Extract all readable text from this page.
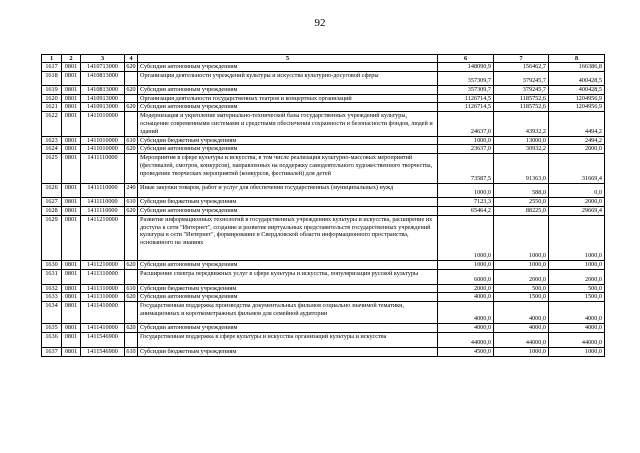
92
1	2	3	4	5	6	7	8
1617	0801	1410713000	620	Субсидии автономным учреждениям	148090,9	156462,7	166386,8
1618	0801	1410813000		Организация деятельности учреждений культуры и искусства культурно-досуговой сферы	357309,7	379245,7	400428,5
1619	0801	1410813000	620	Субсидии автономным учреждениям	357309,7	379245,7	400428,5
1620	0801	1410913000		Организация деятельности государственных театров и концертных организаций	1126714,5	1185752,6	1204956,9
1621	0801	1410913000	620	Субсидии автономным учреждениям	1126714,5	1185752,6	1204956,9
1622	0801	1411010000		Модернизация и укрепление материально-технической базы государственных учреждений культуры, оснащение современными системами и средствами обеспечения сохранности и безопасности фондов, людей и зданий	24637,0	43932,2	4494,2
1623	0801	1411010000	610	Субсидии бюджетным учреждениям	1000,0	13000,0	2494,2
1624	0801	1411010000	620	Субсидии автономным учреждениям	23637,0	30932,2	2000,0
1625	0801	1411110000		Мероприятия в сфере культуры и искусства, в том числе реализация культурно-массовых мероприятий (фестивалей, смотров, конкурсов), направленных на поддержку самодеятельного художественного творчества, проведение творческих мероприятий (конкурсов, фестивалей) для детей	73587,5	91363,0	31669,4
1626	0801	1411110000	240	Иные закупки товаров, работ и услуг для обеспечения государственных (муниципальных) нужд	1000,0	588,0	0,0
1627	0801	1411110000	610	Субсидии бюджетным учреждениям	7123,3	2550,0	2000,0
1628	0801	1411110000	620	Субсидии автономным учреждениям	65464,2	88225,0	29669,4
1629	0801	1411210000		Развитие информационных технологий в государственных учреждениях культуры и искусства, расширение их доступа к сети "Интернет", создание и развитие виртуальных представительств государственных учреждений культуры в сети "Интернет", формирование в Свердловской области информационного пространства, основанного на знаниях	1000,0	1000,0	1000,0
1630	0801	1411210000	620	Субсидии автономным учреждениям	1000,0	1000,0	1000,0
1631	0801	1411310000		Расширение спектра передвижных услуг в сфере культуры и искусства, популяризация русской культуры	6000,0	2000,0	2000,0
1632	0801	1411310000	610	Субсидии бюджетным учреждениям	2000,0	500,0	500,0
1633	0801	1411310000	620	Субсидии автономным учреждениям	4000,0	1500,0	1500,0
1634	0801	1411410000		Государственная поддержка производства документальных фильмов социально значимой тематики, анимационных и короткометражных фильмов для семейной аудитории	4000,0	4000,0	4000,0
1635	0801	1411410000	620	Субсидии автономным учреждениям	4000,0	4000,0	4000,0
1636	0801	1411546900		Государственная поддержка в сфере культуры и искусства организаций культуры и искусства	44000,0	44000,0	44000,0
1637	0801	1411546900	610	Субсидии бюджетным учреждениям	4500,0	1000,0	1000,0
